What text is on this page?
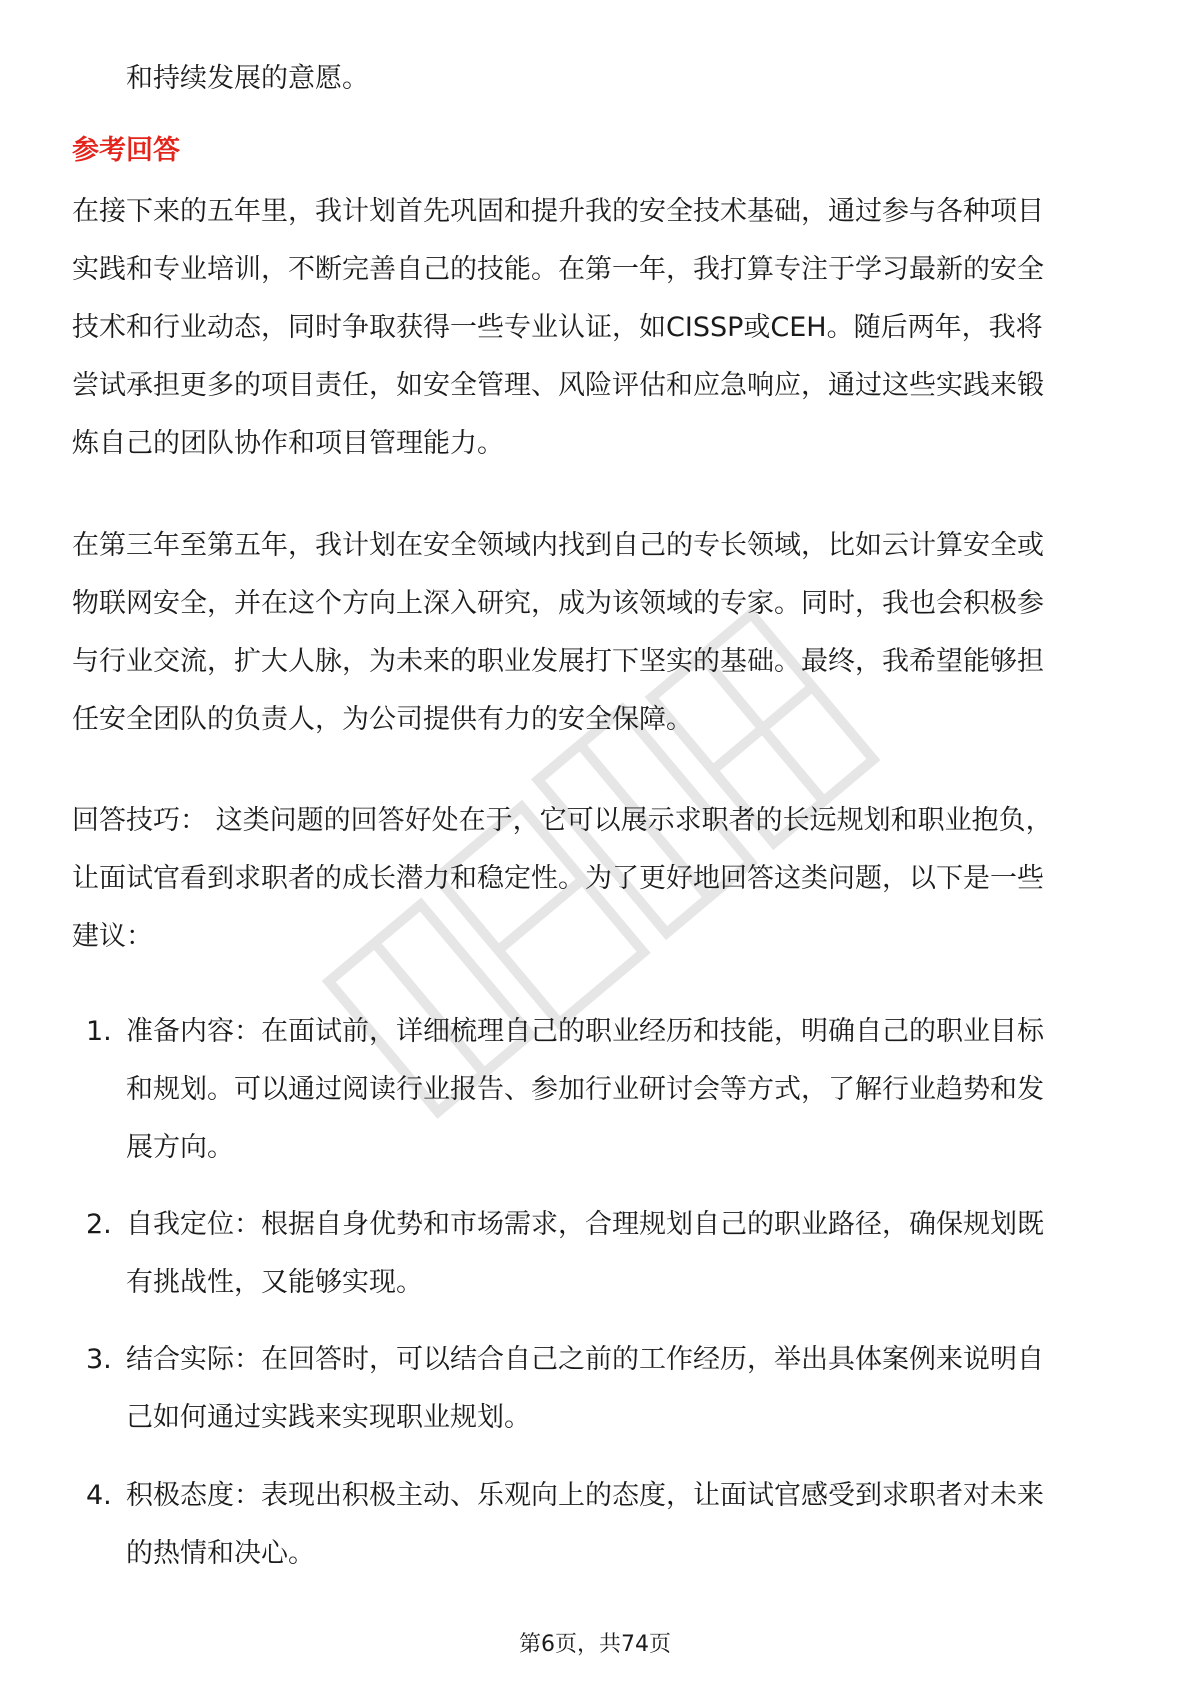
和持续发展的意愿。
参考回答
在接下来的五年里，我计划首先巩固和提升我的安全技术基础，通过参与各种项目
实践和专业培训，不断完善自己的技能。在第一年，我打算专注于学习最新的安全
技术和行业动态，同时争取获得一些专业认证，如CISSP或CEH。随后两年，我将
尝试承担更多的项目责任，如安全管理、风险评估和应急响应，通过这些实践来锻
炼自己的团队协作和项目管理能力。
在第三年至第五年，我计划在安全领域内找到自己的专长领域，比如云计算安全或
物联网安全，并在这个方向上深入研究，成为该领域的专家。同时，我也会积极参
与行业交流，扩大人脉，为未来的职业发展打下坚实的基础。最终，我希望能够担
任安全团队的负责人，为公司提供有力的安全保障。
回答技巧： 这类问题的回答好处在于，它可以展示求职者的长远规划和职业抱负，
让面试官看到求职者的成长潜力和稳定性。为了更好地回答这类问题，以下是一些
建议：
1. 准备内容：在面试前，详细梳理自己的职业经历和技能，明确自己的职业目标
和规划。可以通过阅读行业报告、参加行业研讨会等方式，了解行业趋势和发
展方向。
2. 自我定位：根据自身优势和市场需求，合理规划自己的职业路径，确保规划既
有挑战性，又能够实现。
3. 结合实际：在回答时，可以结合自己之前的工作经历，举出具体案例来说明自
己如何通过实践来实现职业规划。
4. 积极态度：表现出积极主动、乐观向上的态度，让面试官感受到求职者对未来
的热情和决心。
第6页，共74页
